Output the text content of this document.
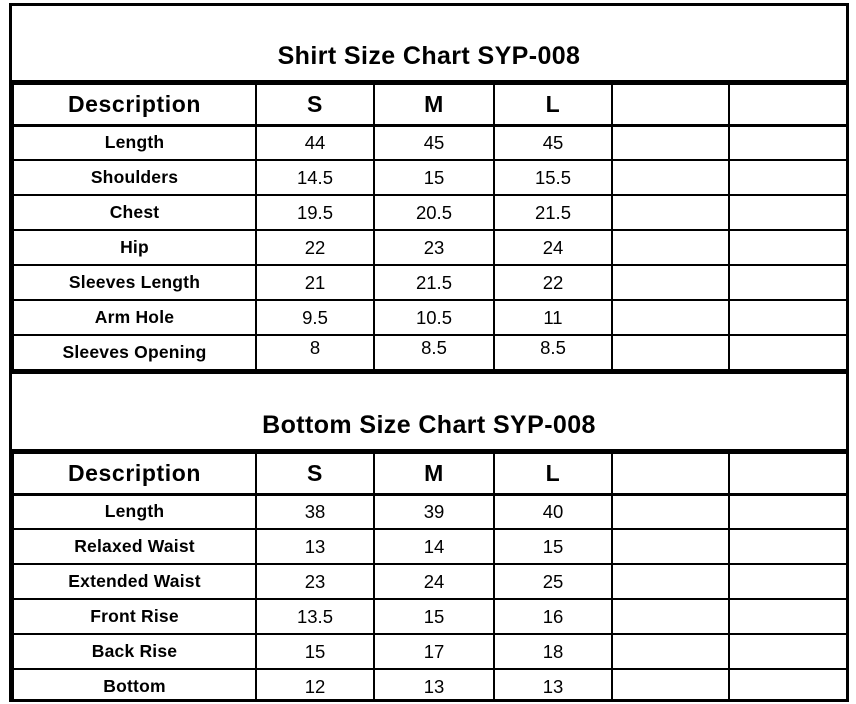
Shirt Size Chart SYP-008
Description	S	M	L		
Length	44	45	45		
Shoulders	14.5	15	15.5		
Chest	19.5	20.5	21.5		
Hip	22	23	24		
Sleeves Length	21	21.5	22		
Arm Hole	9.5	10.5	11		
Sleeves Opening	8	8.5	8.5		
Bottom Size Chart SYP-008
Description	S	M	L		
Length	38	39	40		
Relaxed Waist	13	14	15		
Extended Waist	23	24	25		
Front Rise	13.5	15	16		
Back Rise	15	17	18		
Bottom	12	13	13		
